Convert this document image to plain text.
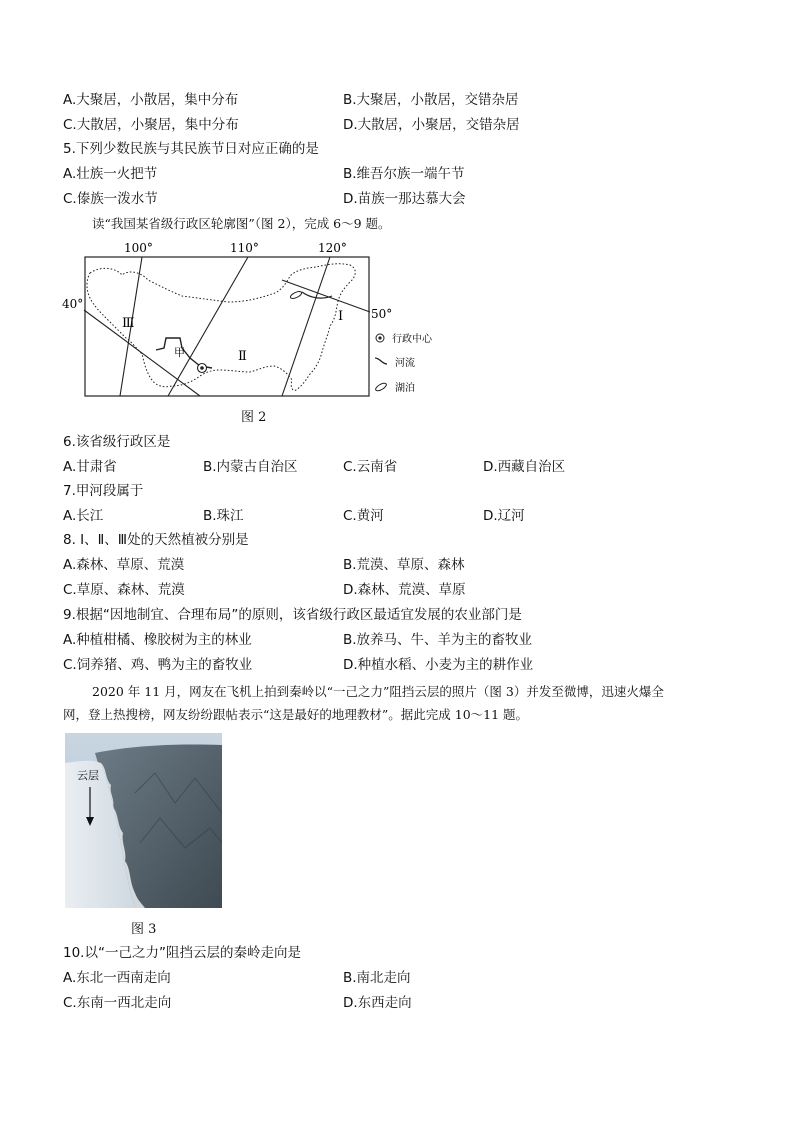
A.大聚居，小散居，集中分布	B.大聚居，小散居，交错杂居
C.大散居，小聚居，集中分布	D.大散居，小聚居，交错杂居
5.下列少数民族与其民族节日对应正确的是
A.壮族一火把节	B.维吾尔族一端午节
C.傣族一泼水节	D.苗族一那达慕大会
读“我国某省级行政区轮廓图”（图 2），完成 6～9 题。
100°	110°	120°
40°
50°
Ⅲ
Ⅱ
Ⅰ
甲
行政中心
河流
湖泊
图 2
6.该省级行政区是
A.甘肃省	B.内蒙古自治区	C.云南省	D.西藏自治区
7.甲河段属于
A.长江	B.珠江	C.黄河	D.辽河
8. Ⅰ、Ⅱ、Ⅲ处的天然植被分别是
A.森林、草原、荒漠	B.荒漠、草原、森林
C.草原、森林、荒漠	D.森林、荒漠、草原
9.根据“因地制宜、合理布局”的原则，该省级行政区最适宜发展的农业部门是
A.种植柑橘、橡胶树为主的林业	B.放养马、牛、羊为主的畜牧业
C.饲养猪、鸡、鸭为主的畜牧业	D.种植水稻、小麦为主的耕作业
2020 年 11 月，网友在飞机上拍到秦岭以“一己之力”阻挡云层的照片（图 3）并发至微博，迅速火爆全
网，登上热搜榜，网友纷纷跟帖表示“这是最好的地理教材”。据此完成 10～11 题。
云层
图 3
10.以“一己之力”阻挡云层的秦岭走向是
A.东北一西南走向	B.南北走向
C.东南一西北走向	D.东西走向
